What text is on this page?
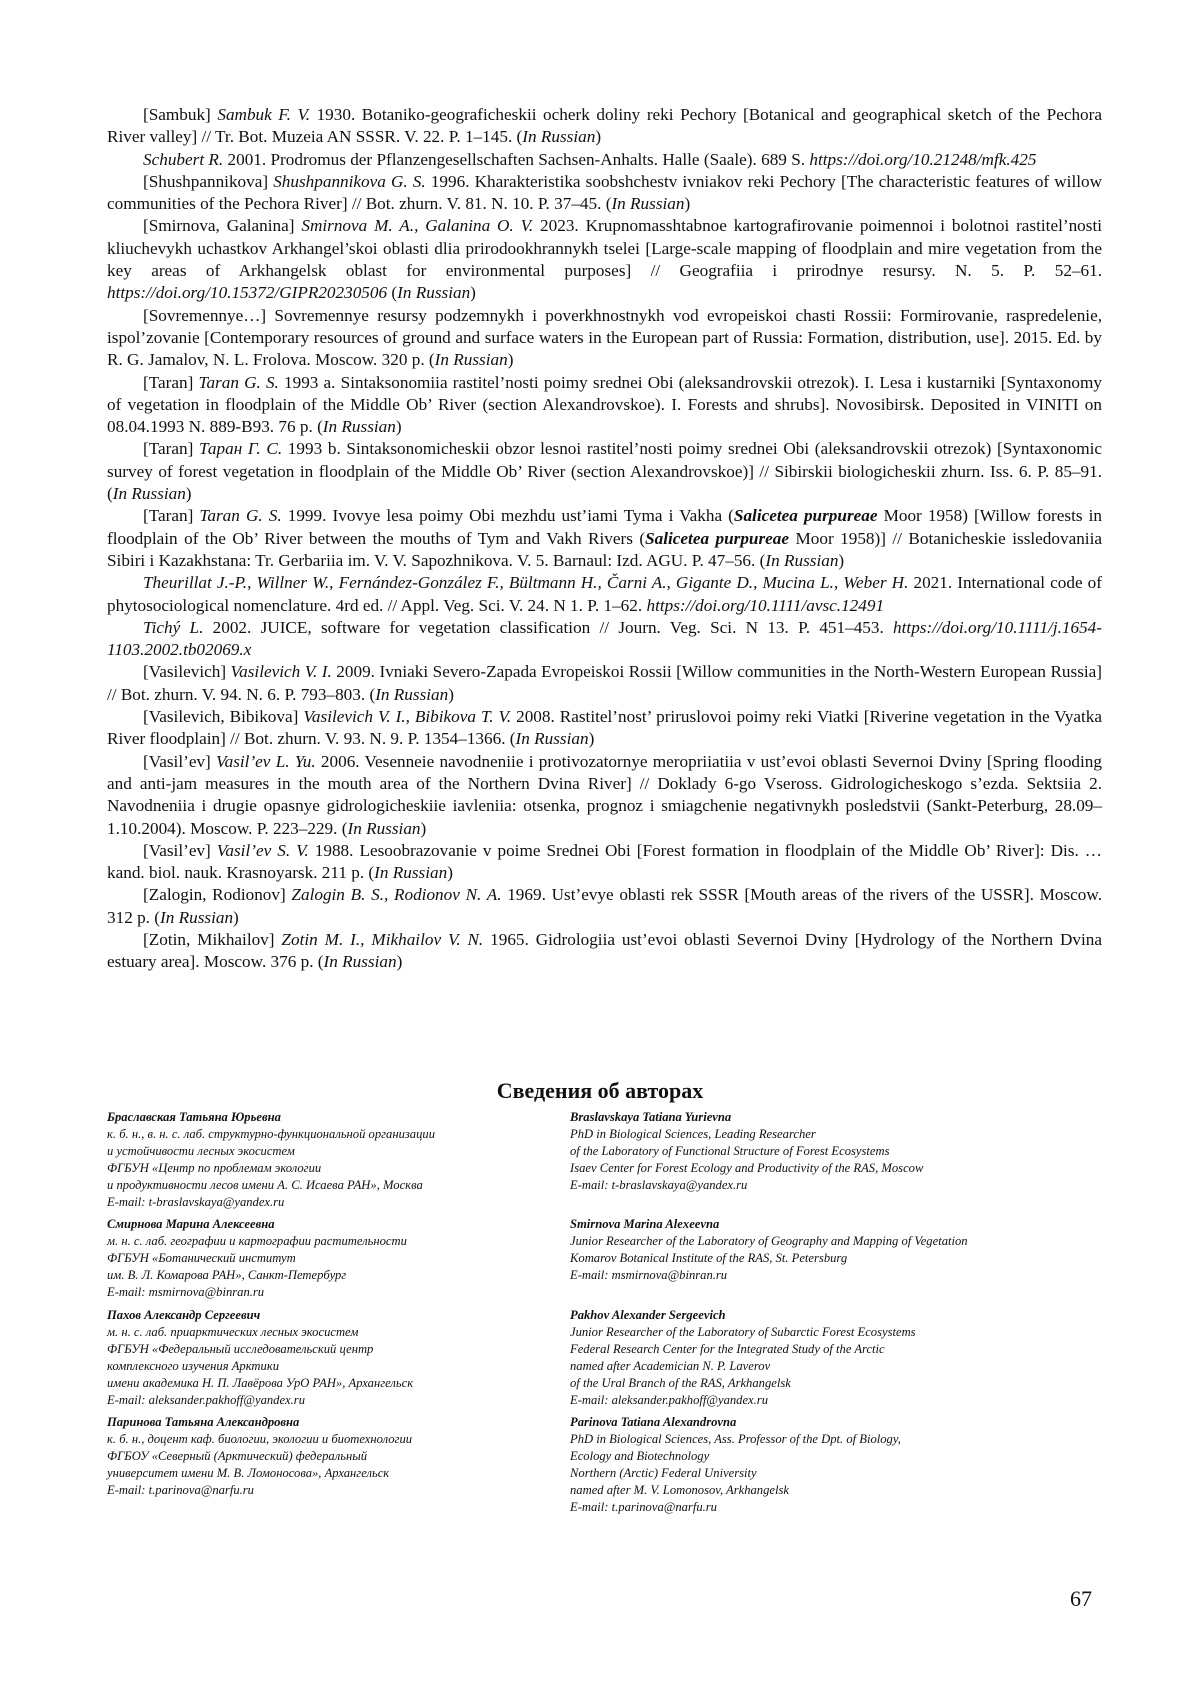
[Sambuk] Sambuk F. V. 1930. Botaniko-geograficheskii ocherk doliny reki Pechory [Botanical and geographical sketch of the Pechora River valley] // Tr. Bot. Muzeia AN SSSR. V. 22. P. 1–145. (In Russian)

Schubert R. 2001. Prodromus der Pflanzengesellschaften Sachsen-Anhalts. Halle (Saale). 689 S. https://doi.org/10.21248/mfk.425

[Shushpannikova] Shushpannikova G. S. 1996. Kharakteristika soobshchestv ivniakov reki Pechory [The characteristic features of willow communities of the Pechora River] // Bot. zhurn. V. 81. N. 10. P. 37–45. (In Russian)

[Smirnova, Galanina] Smirnova M. A., Galanina O. V. 2023. Krupnomasshtabnoe kartografirovanie poimennoi i bolotnoi rastitel’nosti kliuchevykh uchastkov Arkhangel’skoi oblasti dlia prirodookhrannykh tselei [Large-scale mapping of floodplain and mire vegetation from the key areas of Arkhangelsk oblast for environmental purposes] // Geografiia i prirodnye resursy. N. 5. P. 52–61. https://doi.org/10.15372/GIPR20230506 (In Russian)

[Sovremennye…] Sovremennye resursy podzemnykh i poverkhnostnykh vod evropeiskoi chasti Rossii: Formirovanie, raspredelenie, ispol’zovanie [Contemporary resources of ground and surface waters in the European part of Russia: Formation, distribution, use]. 2015. Ed. by R. G. Jamalov, N. L. Frolova. Moscow. 320 p. (In Russian)

[Taran] Taran G. S. 1993 a. Sintaksonomiia rastitel’nosti poimy srednei Obi (aleksandrovskii otrezok). I. Lesa i kustarniki [Syntaxonomy of vegetation in floodplain of the Middle Ob’ River (section Alexandrovskoe). I. Forests and shrubs]. Novosibirsk. Deposited in VINITI on 08.04.1993 N. 889-B93. 76 p. (In Russian)

[Taran] Таран Г. С. 1993 b. Sintaksonomicheskii obzor lesnoi rastitel’nosti poimy srednei Obi (aleksandrovskii otrezok) [Syntaxonomic survey of forest vegetation in floodplain of the Middle Ob’ River (section Alexandrovskoe)] // Sibirskii biologicheskii zhurn. Iss. 6. P. 85–91. (In Russian)

[Taran] Taran G. S. 1999. Ivovye lesa poimy Obi mezhdu ust’iami Tyma i Vakha (Salicetea purpureae Moor 1958) [Willow forests in floodplain of the Ob’ River between the mouths of Tym and Vakh Rivers (Salicetea purpureae Moor 1958)] // Botanicheskie issledovaniia Sibiri i Kazakhstana: Tr. Gerbariia im. V. V. Sapozhnikova. V. 5. Barnaul: Izd. AGU. P. 47–56. (In Russian)

Theurillat J.-P., Willner W., Fernández-González F., Bültmann H., Čarni A., Gigante D., Mucina L., Weber H. 2021. International code of phytosociological nomenclature. 4rd ed. // Appl. Veg. Sci. V. 24. N 1. P. 1–62. https://doi.org/10.1111/avsc.12491

Tichý L. 2002. JUICE, software for vegetation classification // Journ. Veg. Sci. N 13. P. 451–453. https://doi.org/10.1111/j.1654-1103.2002.tb02069.x

[Vasilevich] Vasilevich V. I. 2009. Ivniaki Severo-Zapada Evropeiskoi Rossii [Willow communities in the North-Western European Russia] // Bot. zhurn. V. 94. N. 6. P. 793–803. (In Russian)

[Vasilevich, Bibikova] Vasilevich V. I., Bibikova T. V. 2008. Rastitel’nost’ priruslovoi poimy reki Viatki [Riverine vegetation in the Vyatka River floodplain] // Bot. zhurn. V. 93. N. 9. P. 1354–1366. (In Russian)

[Vasil’ev] Vasil’ev L. Yu. 2006. Vesenneie navodneniie i protivozatornye meropriiatiia v ust’evoi oblasti Severnoi Dviny [Spring flooding and anti-jam measures in the mouth area of the Northern Dvina River] // Doklady 6-go Vseross. Gidrologicheskogo s’ezda. Sektsiia 2. Navodneniia i drugie opasnye gidrologicheskiie iavleniia: otsenka, prognoz i smiagchenie negativnykh posledstvii (Sankt-Peterburg, 28.09–1.10.2004). Moscow. P. 223–229. (In Russian)

[Vasil’ev] Vasil’ev S. V. 1988. Lesoobrazovanie v poime Srednei Obi [Forest formation in floodplain of the Middle Ob’ River]: Dis. … kand. biol. nauk. Krasnoyarsk. 211 p. (In Russian)

[Zalogin, Rodionov] Zalogin B. S., Rodionov N. A. 1969. Ust’evye oblasti rek SSSR [Mouth areas of the rivers of the USSR]. Moscow. 312 p. (In Russian)

[Zotin, Mikhailov] Zotin M. I., Mikhailov V. N. 1965. Gidrologiia ust’evoi oblasti Severnoi Dviny [Hydrology of the Northern Dvina estuary area]. Moscow. 376 p. (In Russian)

Сведения об авторах
Браславская Татьяна Юрьевна
к. б. н., в. н. с. лаб. структурно-функциональной организации
и устойчивости лесных экосистем
ФГБУН «Центр по проблемам экологии
и продуктивности лесов имени А. С. Исаева РАН», Москва
E-mail: t-braslavskaya@yandex.ru
Braslavskaya Tatiana Yurievna
PhD in Biological Sciences, Leading Researcher
of the Laboratory of Functional Structure of Forest Ecosystems
Isaev Center for Forest Ecology and Productivity of the RAS, Moscow
E-mail: t-braslavskaya@yandex.ru
Смирнова Марина Алексеевна
м. н. с. лаб. географии и картографии растительности
ФГБУН «Ботанический институт
им. В. Л. Комарова РАН», Санкт-Петербург
E-mail: msmirnova@binran.ru
Smirnova Marina Alexeevna
Junior Researcher of the Laboratory of Geography and Mapping of Vegetation
Komarov Botanical Institute of the RAS, St. Petersburg
E-mail: msmirnova@binran.ru
Пахов Александр Сергеевич
м. н. с. лаб. приарктических лесных экосистем
ФГБУН «Федеральный исследовательский центр
комплексного изучения Арктики
имени академика Н. П. Лавёрова УрО РАН», Архангельск
E-mail: aleksander.pakhoff@yandex.ru
Pakhov Alexander Sergeevich
Junior Researcher of the Laboratory of Subarctic Forest Ecosystems
Federal Research Center for the Integrated Study of the Arctic
named after Academician N. P. Laverov
of the Ural Branch of the RAS, Arkhangelsk
E-mail: aleksander.pakhoff@yandex.ru
Паринова Татьяна Александровна
к. б. н., доцент каф. биологии, экологии и биотехнологии
ФГБОУ «Северный (Арктический) федеральный
университет имени М. В. Ломоносова», Архангельск
E-mail: t.parinova@narfu.ru
Parinova Tatiana Alexandrovna
PhD in Biological Sciences, Ass. Professor of the Dpt. of Biology,
Ecology and Biotechnology
Northern (Arctic) Federal University
named after M. V. Lomonosov, Arkhangelsk
E-mail: t.parinova@narfu.ru
67
